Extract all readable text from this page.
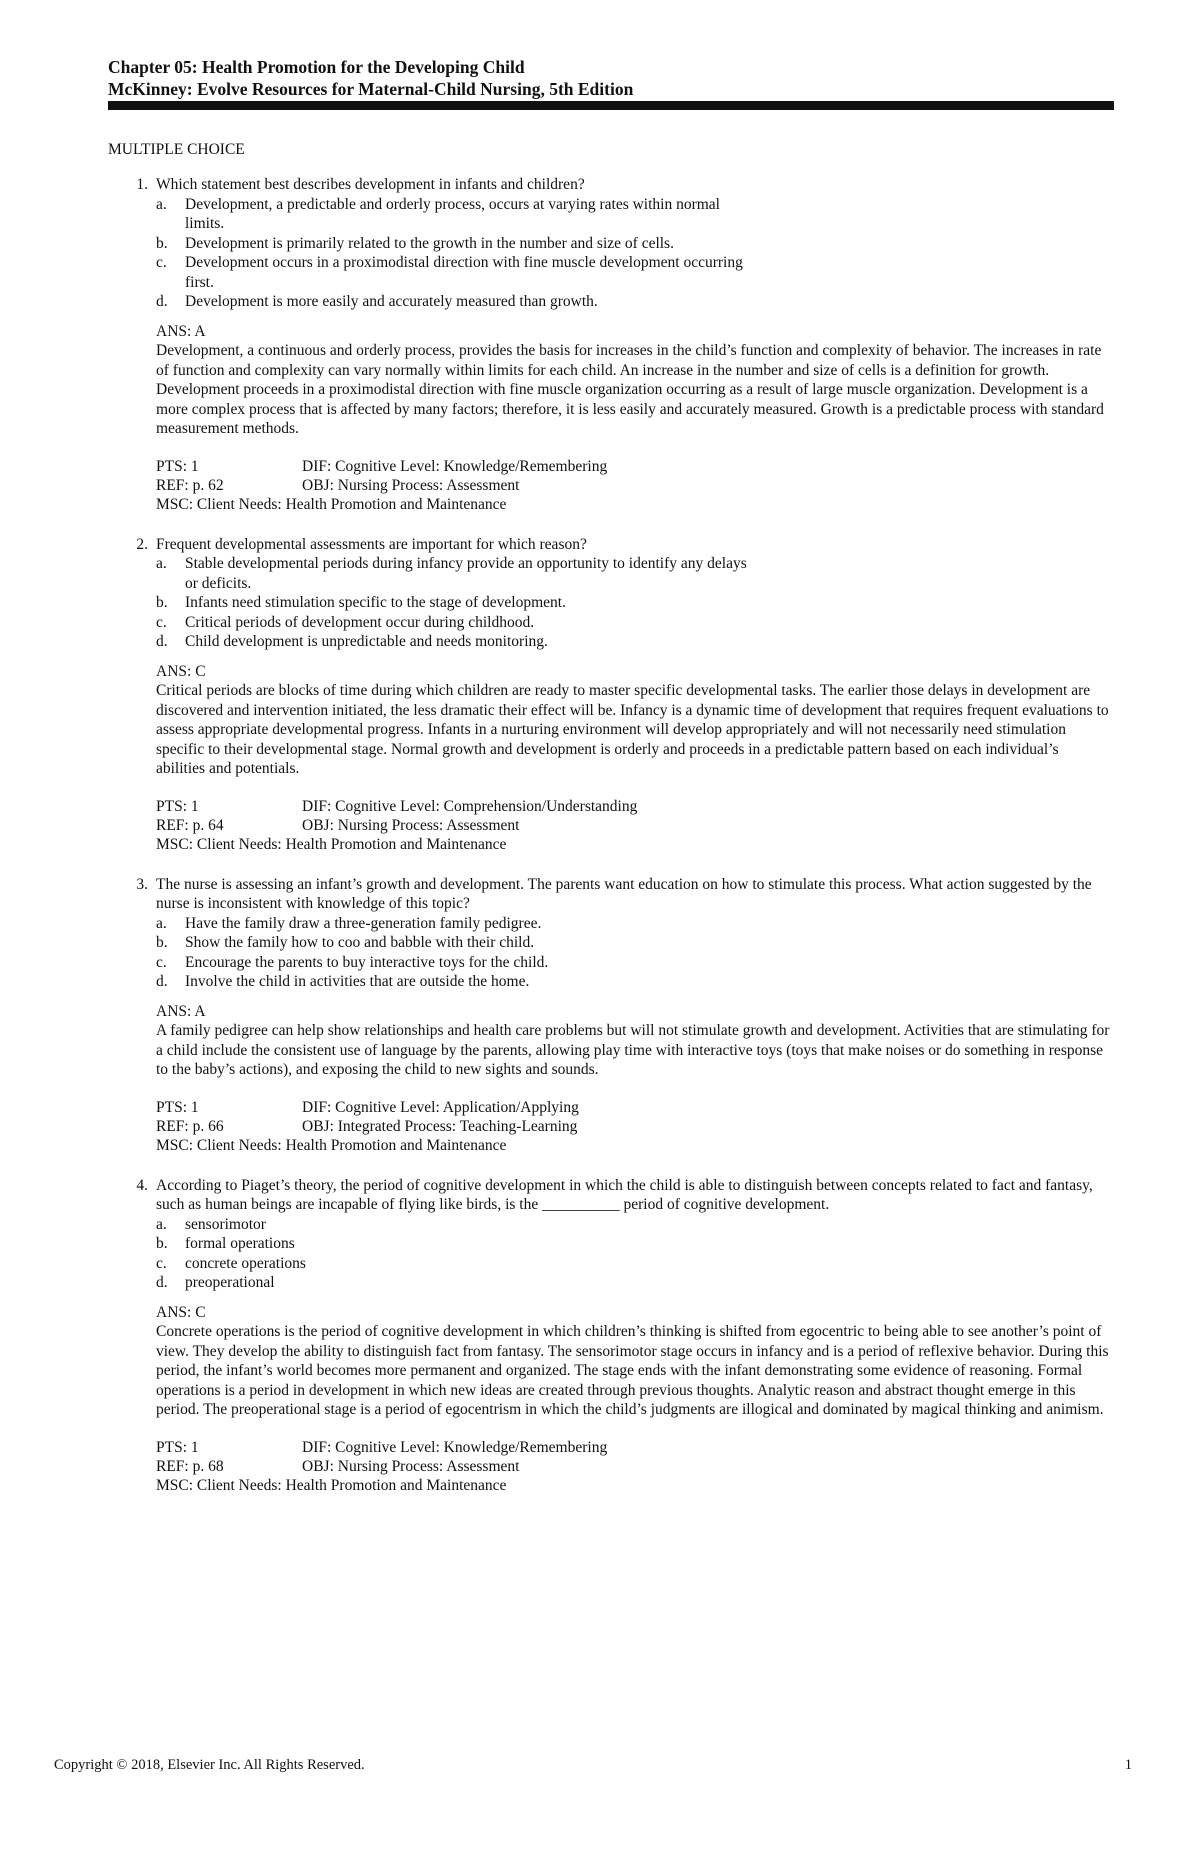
Chapter 05: Health Promotion for the Developing Child
McKinney: Evolve Resources for Maternal-Child Nursing, 5th Edition
MULTIPLE CHOICE
1. Which statement best describes development in infants and children?
a.	Development, a predictable and orderly process, occurs at varying rates within normal limits.
b.	Development is primarily related to the growth in the number and size of cells.
c.	Development occurs in a proximodistal direction with fine muscle development occurring first.
d.	Development is more easily and accurately measured than growth.
ANS: A
Development, a continuous and orderly process, provides the basis for increases in the child’s function and complexity of behavior. The increases in rate of function and complexity can vary normally within limits for each child. An increase in the number and size of cells is a definition for growth. Development proceeds in a proximodistal direction with fine muscle organization occurring as a result of large muscle organization. Development is a more complex process that is affected by many factors; therefore, it is less easily and accurately measured. Growth is a predictable process with standard measurement methods.
PTS: 1	DIF: Cognitive Level: Knowledge/Remembering
REF: p. 62	OBJ: Nursing Process: Assessment
MSC: Client Needs: Health Promotion and Maintenance
2. Frequent developmental assessments are important for which reason?
a.	Stable developmental periods during infancy provide an opportunity to identify any delays or deficits.
b.	Infants need stimulation specific to the stage of development.
c.	Critical periods of development occur during childhood.
d.	Child development is unpredictable and needs monitoring.
ANS: C
Critical periods are blocks of time during which children are ready to master specific developmental tasks. The earlier those delays in development are discovered and intervention initiated, the less dramatic their effect will be. Infancy is a dynamic time of development that requires frequent evaluations to assess appropriate developmental progress. Infants in a nurturing environment will develop appropriately and will not necessarily need stimulation specific to their developmental stage. Normal growth and development is orderly and proceeds in a predictable pattern based on each individual’s abilities and potentials.
PTS: 1	DIF: Cognitive Level: Comprehension/Understanding
REF: p. 64	OBJ: Nursing Process: Assessment
MSC: Client Needs: Health Promotion and Maintenance
3. The nurse is assessing an infant’s growth and development. The parents want education on how to stimulate this process. What action suggested by the nurse is inconsistent with knowledge of this topic?
a.	Have the family draw a three-generation family pedigree.
b.	Show the family how to coo and babble with their child.
c.	Encourage the parents to buy interactive toys for the child.
d.	Involve the child in activities that are outside the home.
ANS: A
A family pedigree can help show relationships and health care problems but will not stimulate growth and development. Activities that are stimulating for a child include the consistent use of language by the parents, allowing play time with interactive toys (toys that make noises or do something in response to the baby’s actions), and exposing the child to new sights and sounds.
PTS: 1	DIF: Cognitive Level: Application/Applying
REF: p. 66	OBJ: Integrated Process: Teaching-Learning
MSC: Client Needs: Health Promotion and Maintenance
4. According to Piaget’s theory, the period of cognitive development in which the child is able to distinguish between concepts related to fact and fantasy, such as human beings are incapable of flying like birds, is the __________ period of cognitive development.
a.	sensorimotor
b.	formal operations
c.	concrete operations
d.	preoperational
ANS: C
Concrete operations is the period of cognitive development in which children’s thinking is shifted from egocentric to being able to see another’s point of view. They develop the ability to distinguish fact from fantasy. The sensorimotor stage occurs in infancy and is a period of reflexive behavior. During this period, the infant’s world becomes more permanent and organized. The stage ends with the infant demonstrating some evidence of reasoning. Formal operations is a period in development in which new ideas are created through previous thoughts. Analytic reason and abstract thought emerge in this period. The preoperational stage is a period of egocentrism in which the child’s judgments are illogical and dominated by magical thinking and animism.
PTS: 1	DIF: Cognitive Level: Knowledge/Remembering
REF: p. 68	OBJ: Nursing Process: Assessment
MSC: Client Needs: Health Promotion and Maintenance
Copyright © 2018, Elsevier Inc. All Rights Reserved.	1
